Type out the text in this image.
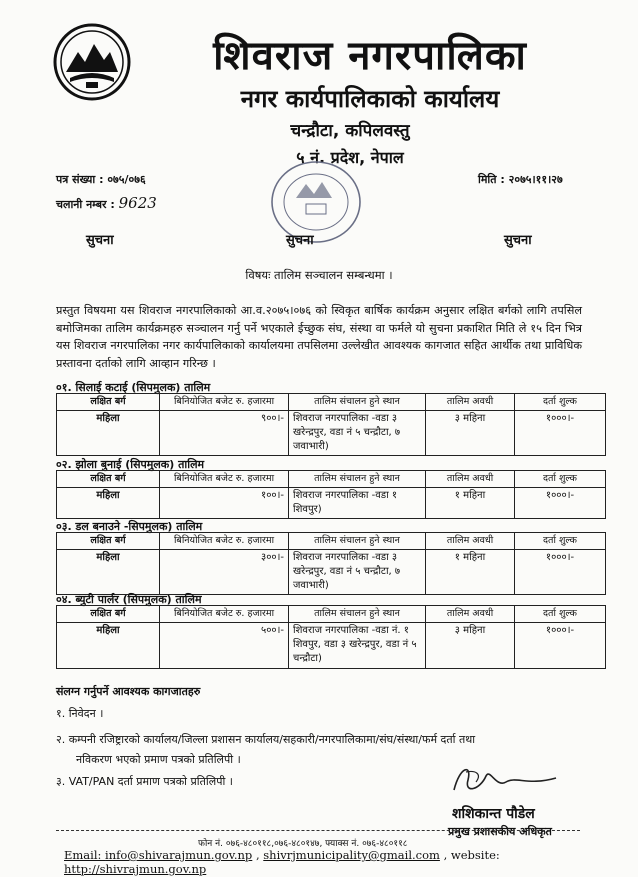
शिवराज नगरपालिका
नगर कार्यपालिकाको कार्यालय
चन्द्रौटा, कपिलवस्तु
५ नं. प्रदेश, नेपाल
पत्र संख्या : ०७५/०७६
चलानी नम्बर : 9623
मिति : २०७५।११।२७
सुचना	सुचना	सुचना
विषयः तालिम सञ्चालन सम्बन्धमा ।
प्रस्तुत विषयमा यस शिवराज नगरपालिकाको आ.व.२०७५।०७६ को स्विकृत बार्षिक कार्यक्रम अनुसार लक्षित बर्गको लागि तपसिल बमोजिमका तालिम कार्यक्रमहरु सञ्चालन गर्नु पर्ने भएकाले ईच्छुक संघ, संस्था वा फर्मले यो सुचना प्रकाशित मिति ले १५ दिन भित्र यस शिवराज नगरपालिका नगर कार्यपालिकाको कार्यालयमा तपसिलमा उल्लेखीत आवश्यक कागजात सहित आर्थीक तथा प्राविधिक प्रस्तावना दर्ताको लागि आव्हान गरिन्छ ।
०१. सिलाई कटाई (सिपमुलक) तालिम
लक्षित बर्ग	बिनियोजित बजेट रु. हजारमा	तालिम संचालन हुने स्थान	तालिम अवधी	दर्ता शुल्क
महिला	९००।-	शिवराज नगरपालिका -वडा ३ खरेन्द्रपुर, वडा नं ५ चन्द्रौटा, ७ जवाभारी)	३ महिना	१०००।-
०२. झोला बुनाई (सिपमुलक) तालिम
लक्षित बर्ग	बिनियोजित बजेट रु. हजारमा	तालिम संचालन हुने स्थान	तालिम अवधी	दर्ता शुल्क
महिला	१००।-	शिवराज नगरपालिका -वडा १ शिवपुर)	१ महिना	१०००।-
०३. डल बनाउने -सिपमुलक) तालिम
लक्षित बर्ग	बिनियोजित बजेट रु. हजारमा	तालिम संचालन हुने स्थान	तालिम अवधी	दर्ता शुल्क
महिला	३००।-	शिवराज नगरपालिका -वडा ३ खरेन्द्रपुर, वडा नं ५ चन्द्रौटा, ७ जवाभारी)	१ महिना	१०००।-
०४. ब्युटी पार्लर (सिपमुलक) तालिम
लक्षित बर्ग	बिनियोजित बजेट रु. हजारमा	तालिम संचालन हुने स्थान	तालिम अवधी	दर्ता शुल्क
महिला	५००।-	शिवराज नगरपालिका -वडा नं. १ शिवपुर, वडा ३ खरेन्द्रपुर, वडा नं ५ चन्द्रौटा)	३ महिना	१०००।-
संलग्न गर्नुपर्ने आवश्यक कागजातहरु
१. निवेदन ।
२. कम्पनी रजिष्ट्रारको कार्यालय/जिल्ला प्रशासन कार्यालय/सहकारी/नगरपालिकामा/संघ/संस्था/फर्म दर्ता तथा
नविकरण भएको प्रमाण पत्रको प्रतिलिपी ।
३. VAT/PAN दर्ता प्रमाण पत्रको प्रतिलिपी ।
शशिकान्त पौडेल
प्रमुख प्रशासकीय अधिकृत
फोन नं. ०७६-४८०११८,०७६-४८०१४७, फ्याक्स नं. ०७६-४८०११८
Email: info@shivarajmun.gov.np , shivrjmunicipality@gmail.com , website: http://shivrajmun.gov.np
